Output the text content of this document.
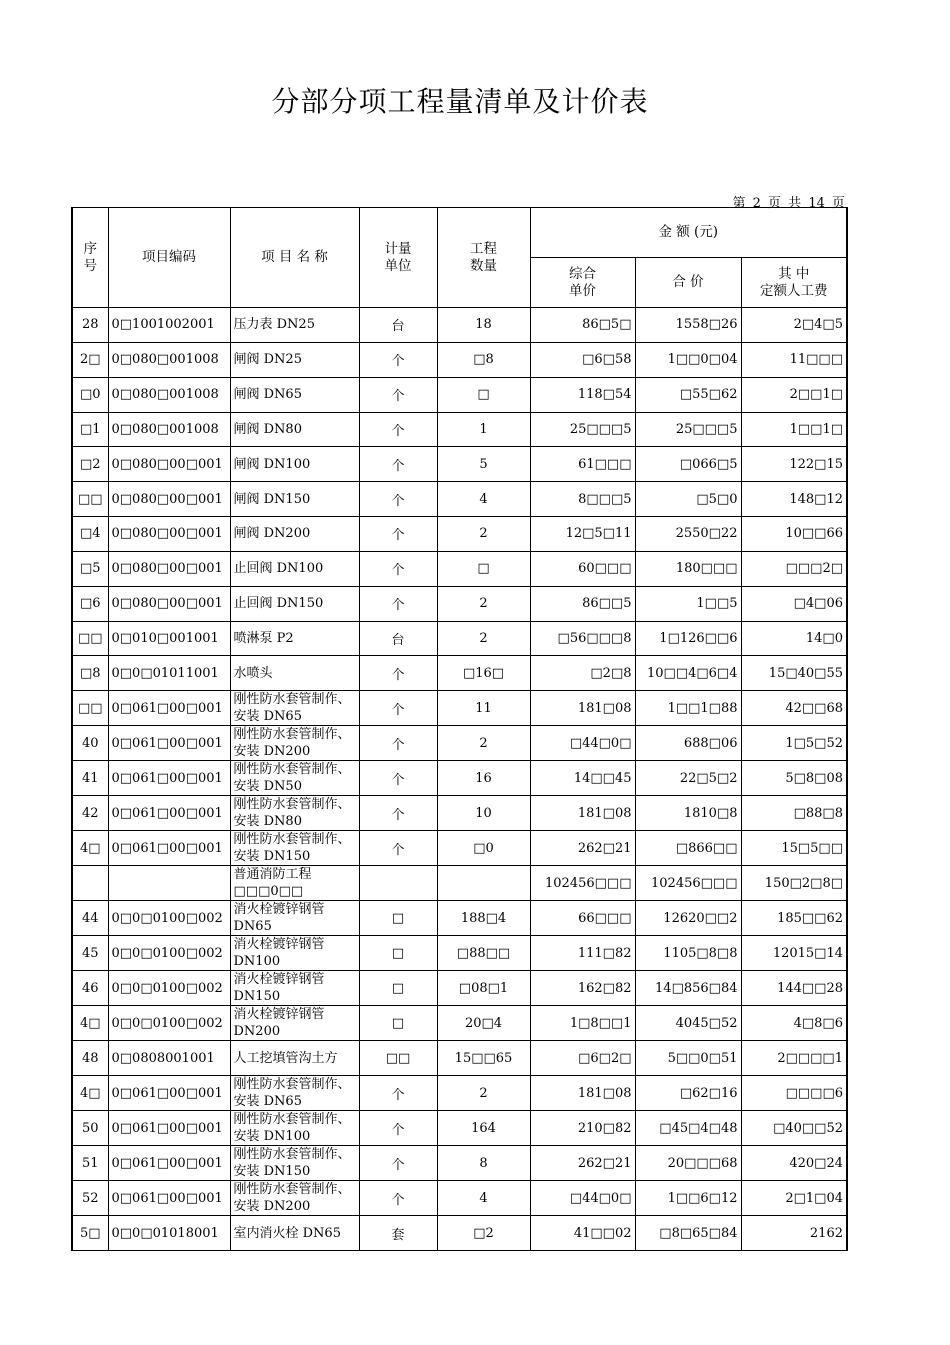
分部分项工程量清单及计价表
第 2 页 共 14 页
序
号	项目编码	项 目 名 称	计量
单位	工程
数量	金 额 (元)		
					综合
单价	合 价	其 中
定额人工费
28	0□1001002001	压力表 DN25	台	18	86□5□	1558□26	2□4□5
2□	0□080□001008	闸阀 DN25	个	□8	□6□58	1□□0□04	11□□□
□0	0□080□001008	闸阀 DN65	个	□	118□54	□55□62	2□□1□
□1	0□080□001008	闸阀 DN80	个	1	25□□□5	25□□□5	1□□1□
□2	0□080□00□001	闸阀 DN100	个	5	61□□□	□066□5	122□15
□□	0□080□00□001	闸阀 DN150	个	4	8□□□5	□5□0	148□12
□4	0□080□00□001	闸阀 DN200	个	2	12□5□11	2550□22	10□□66
□5	0□080□00□001	止回阀 DN100	个	□	60□□□	180□□□	□□□2□
□6	0□080□00□001	止回阀 DN150	个	2	86□□5	1□□5	□4□06
□□	0□010□001001	喷淋泵 P2	台	2	□56□□□8	1□126□□6	14□0
□8	0□0□01011001	水喷头	个	□16□	□2□8	10□□4□6□4	15□40□55
□□	0□061□00□001	刚性防水套管制作、安装 DN65	个	11	181□08	1□□1□88	42□□68
40	0□061□00□001	刚性防水套管制作、安装 DN200	个	2	□44□0□	688□06	1□5□52
41	0□061□00□001	刚性防水套管制作、安装 DN50	个	16	14□□45	22□5□2	5□8□08
42	0□061□00□001	刚性防水套管制作、安装 DN80	个	10	181□08	1810□8	□88□8
4□	0□061□00□001	刚性防水套管制作、安装 DN150	个	□0	262□21	□866□□	15□5□□

		普通消防工程 □□□0□□			102456□□□	102456□□□	150□2□8□
44	0□0□0100□002	消火栓镀锌钢管 DN65	□	188□4	66□□□	12620□□2	185□□62
45	0□0□0100□002	消火栓镀锌钢管 DN100	□	□88□□	111□82	1105□8□8	12015□14
46	0□0□0100□002	消火栓镀锌钢管 DN150	□	□08□1	162□82	14□856□84	144□□28
4□	0□0□0100□002	消火栓镀锌钢管 DN200	□	20□4	1□8□□1	4045□52	4□8□6
48	0□0808001001	人工挖填管沟土方	□□	15□□65	□6□2□	5□□0□51	2□□□□1
4□	0□061□00□001	刚性防水套管制作、安装 DN65	个	2	181□08	□62□16	□□□□6
50	0□061□00□001	刚性防水套管制作、安装 DN100	个	164	210□82	□45□4□48	□40□□52
51	0□061□00□001	刚性防水套管制作、安装 DN150	个	8	262□21	20□□□68	420□24
52	0□061□00□001	刚性防水套管制作、安装 DN200	个	4	□44□0□	1□□6□12	2□1□04
5□	0□0□01018001	室内消火栓 DN65	套	□2	41□□02	□8□65□84	2162
